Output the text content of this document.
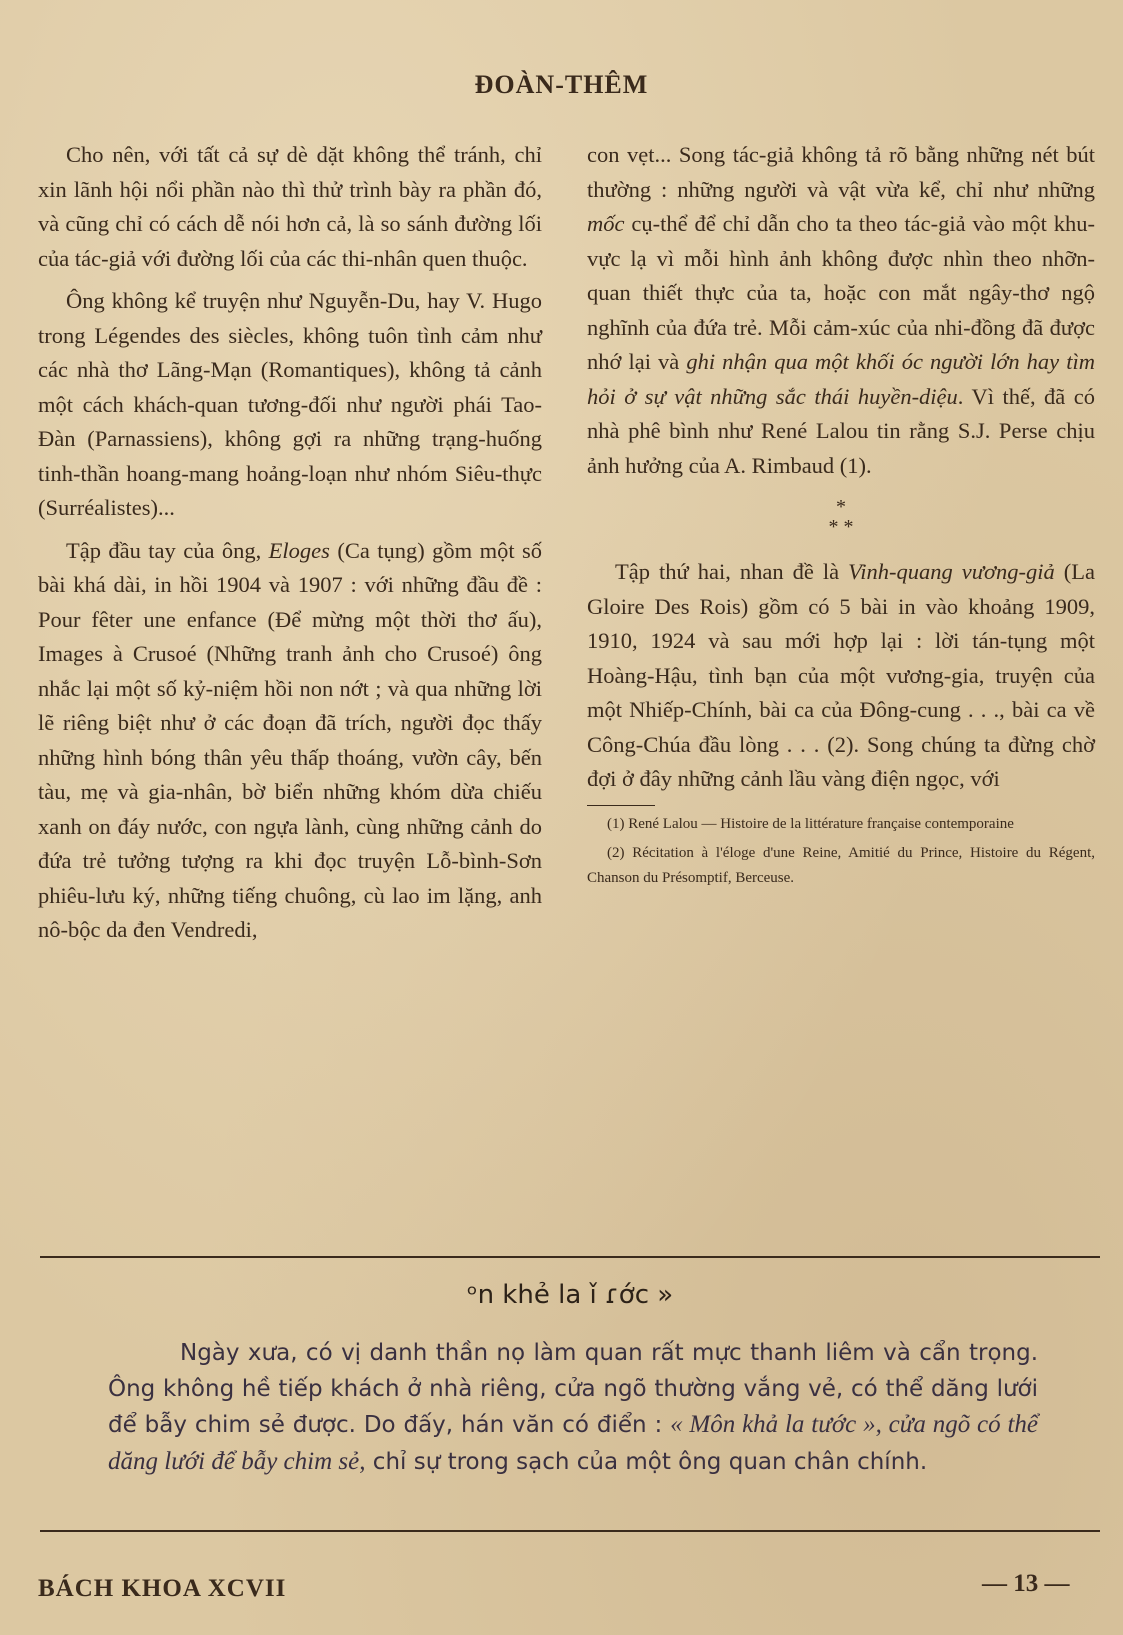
ĐOÀN-THÊM

Cho nên, với tất cả sự dè dặt không thể tránh, chỉ xin lãnh hội nổi phần nào thì thử trình bày ra phần đó, và cũng chỉ có cách dễ nói hơn cả, là so sánh đường lối của tác-giả với đường lối của các thi-nhân quen thuộc.

Ông không kể truyện như Nguyễn-Du, hay V. Hugo trong Légendes des siècles, không tuôn tình cảm như các nhà thơ Lãng-Mạn (Romantiques), không tả cảnh một cách khách-quan tương-đối như người phái Tao-Đàn (Parnassiens), không gợi ra những trạng-huống tinh-thần hoang-mang hoảng-loạn như nhóm Siêu-thực (Surréalistes)...

Tập đầu tay của ông, Eloges (Ca tụng) gồm một số bài khá dài, in hồi 1904 và 1907 : với những đầu đề : Pour fêter une enfance (Để mừng một thời thơ ấu), Images à Crusoé (Những tranh ảnh cho Crusoé) ông nhắc lại một số kỷ-niệm hồi non nớt ; và qua những lời lẽ riêng biệt như ở các đoạn đã trích, người đọc thấy những hình bóng thân yêu thấp thoáng, vườn cây, bến tàu, mẹ và gia-nhân, bờ biển những khóm dừa chiếu xanh on đáy nước, con ngựa lành, cùng những cảnh do đứa trẻ tưởng tượng ra khi đọc truyện Lỗ-bình-Sơn phiêu-lưu ký, những tiếng chuông, cù lao im lặng, anh nô-bộc da đen Vendredi,

con vẹt... Song tác-giả không tả rõ bằng những nét bút thường : những người và vật vừa kể, chỉ như những mốc cụ-thể để chỉ dẫn cho ta theo tác-giả vào một khu-vực lạ vì mỗi hình ảnh không được nhìn theo nhỡn-quan thiết thực của ta, hoặc con mắt ngây-thơ ngộ nghĩnh của đứa trẻ. Mỗi cảm-xúc của nhi-đồng đã được nhớ lại và ghi nhận qua một khối óc người lớn hay tìm hỏi ở sự vật những sắc thái huyền-diệu. Vì thế, đã có nhà phê bình như René Lalou tin rằng S.J. Perse chịu ảnh hưởng của A. Rimbaud (1).

*
* *

Tập thứ hai, nhan đề là Vinh-quang vương-giả (La Gloire Des Rois) gồm có 5 bài in vào khoảng 1909, 1910, 1924 và sau mới hợp lại : lời tán-tụng một Hoàng-Hậu, tình bạn của một vương-gia, truyện của một Nhiếp-Chính, bài ca của Đông-cung . . ., bài ca về Công-Chúa đầu lòng . . . (2). Song chúng ta đừng chờ đợi ở đây những cảnh lầu vàng điện ngọc, với

(1) René Lalou — Histoire de la littérature française contemporaine

(2) Récitation à l'éloge d'une Reine, Amitié du Prince, Histoire du Régent, Chanson du Présomptif, Berceuse.

ᵒn khẻ la ǐ ɾớc »

Ngày xưa, có vị danh thần nọ làm quan rất mực thanh liêm và cẩn trọng. Ông không hề tiếp khách ở nhà riêng, cửa ngõ thường vắng vẻ, có thể dăng lưới để bẫy chim sẻ được. Do đấy, hán văn có điển : « Môn khả la tước », cửa ngõ có thể dăng lưới để bẫy chim sẻ, chỉ sự trong sạch của một ông quan chân chính.

BÁCH KHOA XCVII	— 13 —
